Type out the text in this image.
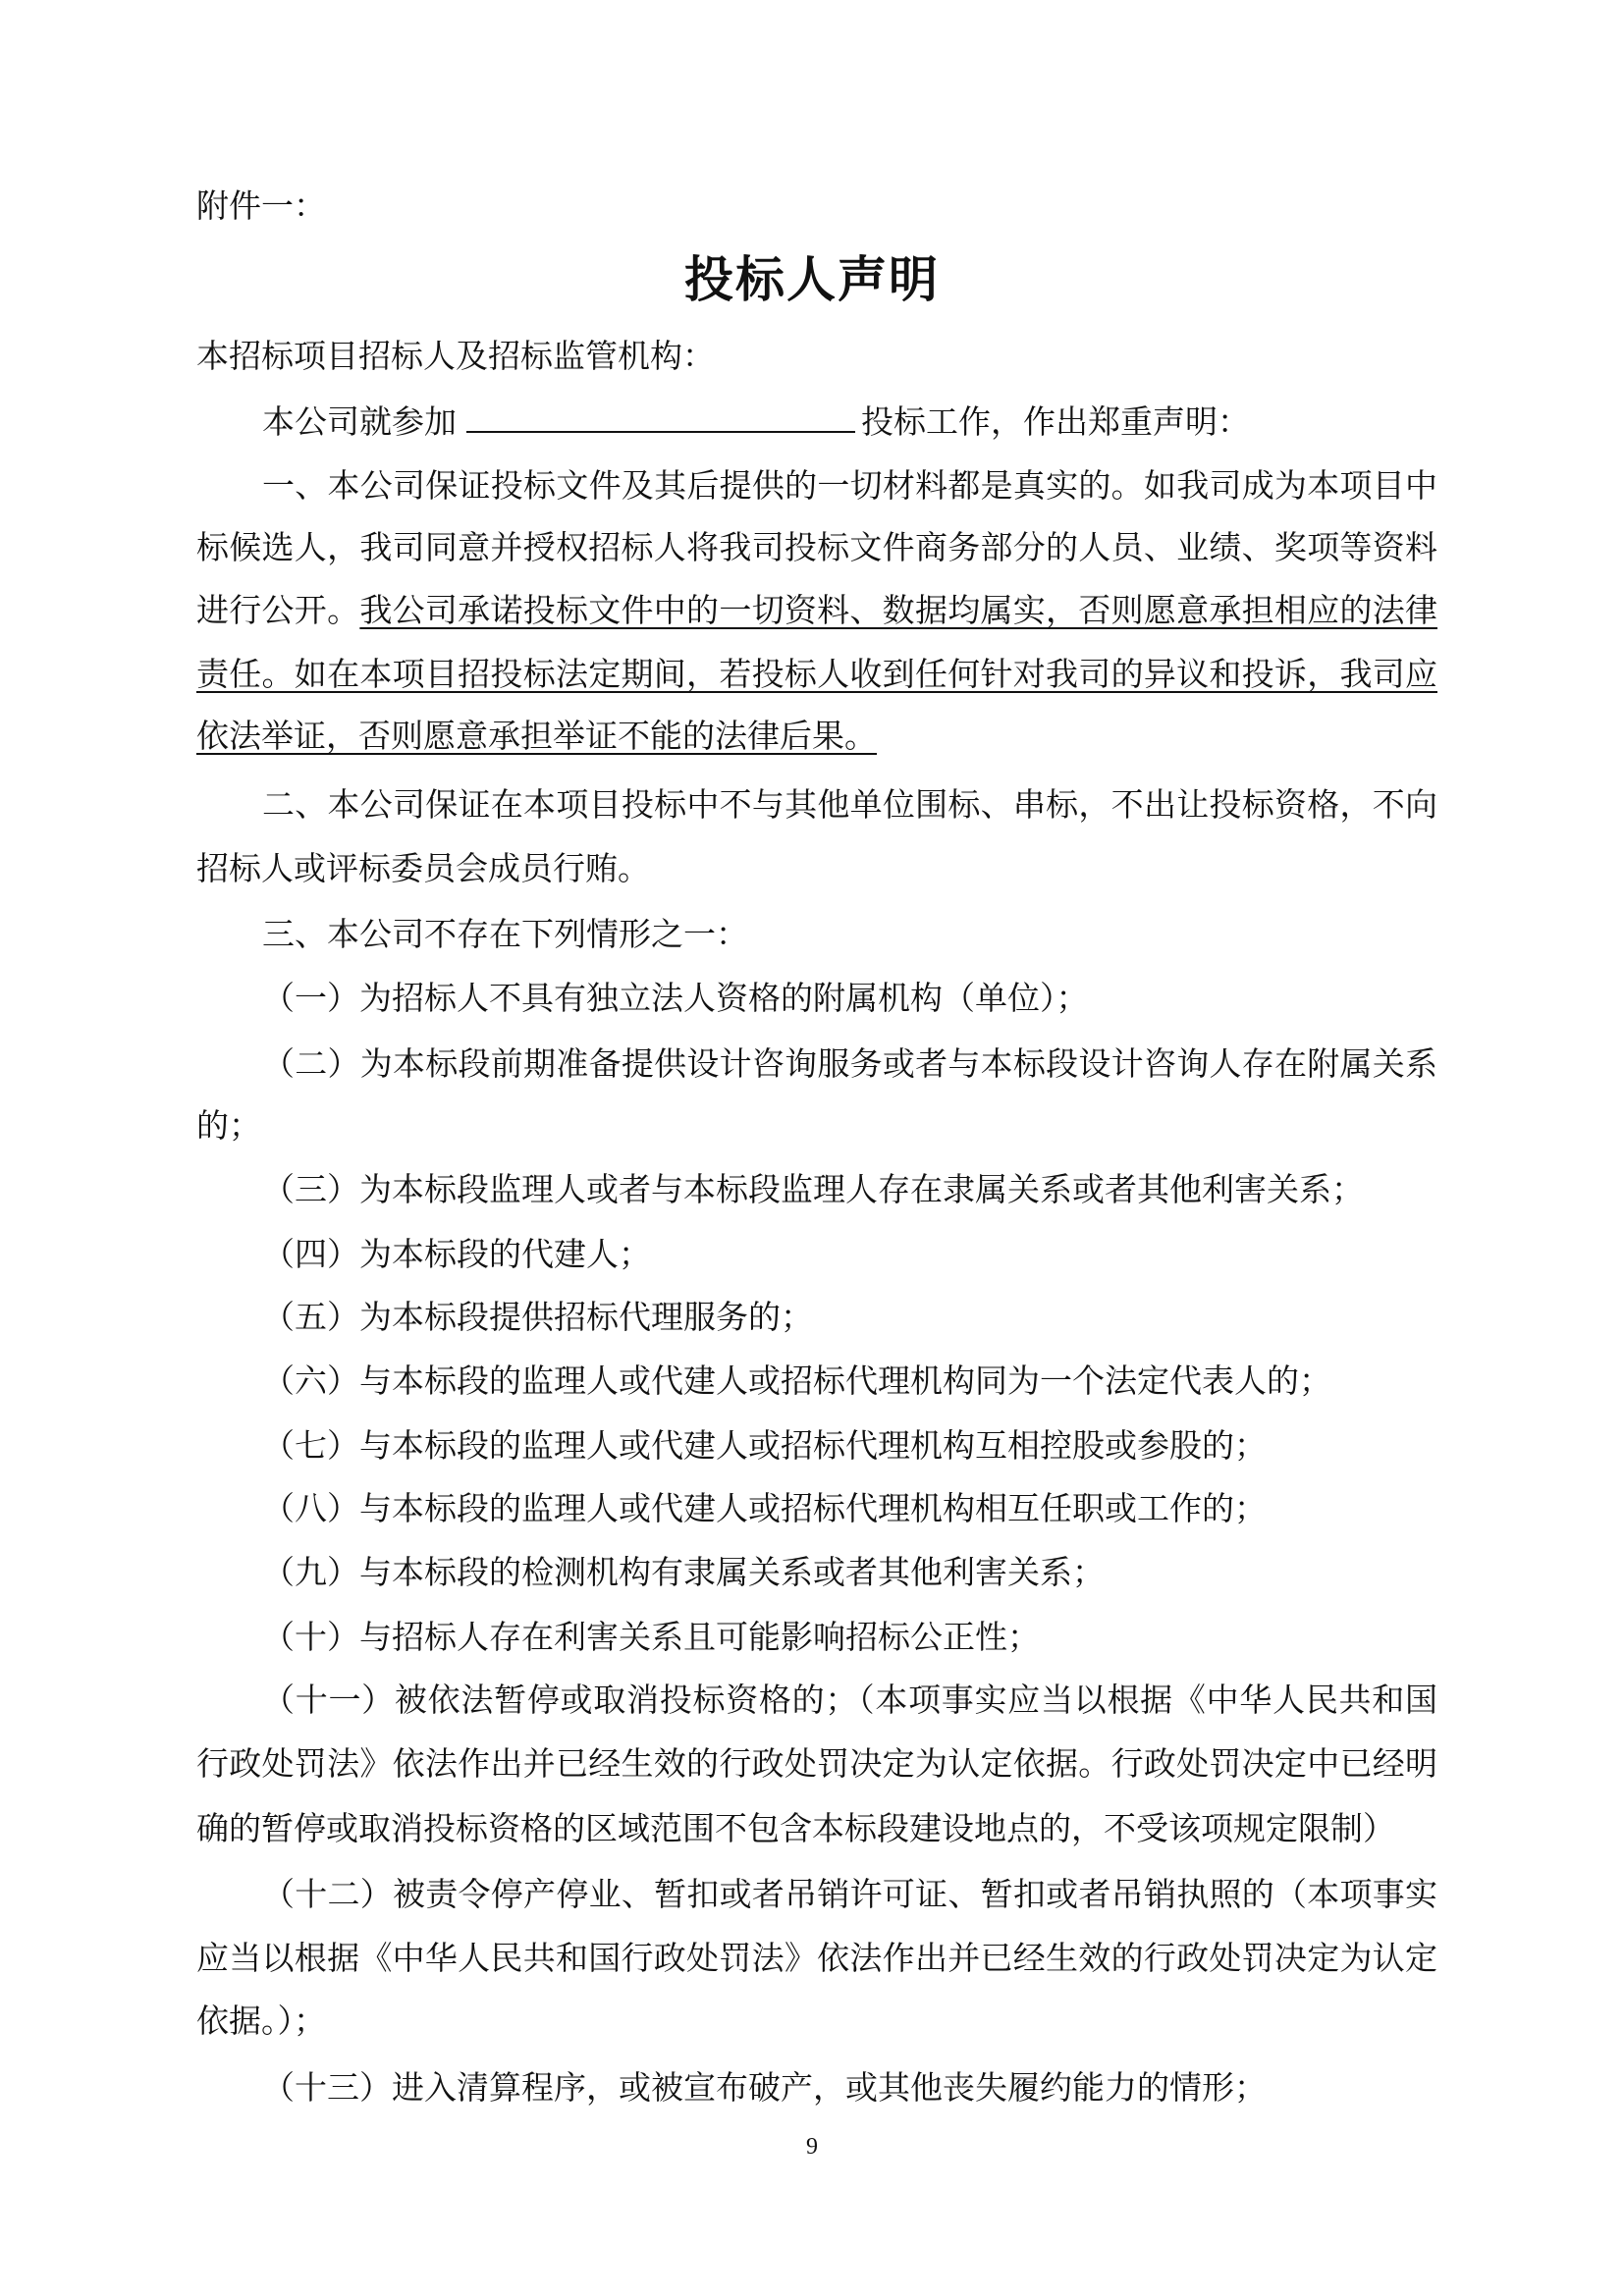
附件一：
投标人声明
本招标项目招标人及招标监管机构：
本公司就参加	投标工作，作出郑重声明：
一、本公司保证投标文件及其后提供的一切材料都是真实的。如我司成为本项目中
标候选人，我司同意并授权招标人将我司投标文件商务部分的人员、业绩、奖项等资料
进行公开。我公司承诺投标文件中的一切资料、数据均属实，否则愿意承担相应的法律
责任。如在本项目招投标法定期间，若投标人收到任何针对我司的异议和投诉，我司应
依法举证，否则愿意承担举证不能的法律后果。
二、本公司保证在本项目投标中不与其他单位围标、串标，不出让投标资格，不向
招标人或评标委员会成员行贿。
三、本公司不存在下列情形之一：
（一）为招标人不具有独立法人资格的附属机构（单位）；
（二）为本标段前期准备提供设计咨询服务或者与本标段设计咨询人存在附属关系
的；
（三）为本标段监理人或者与本标段监理人存在隶属关系或者其他利害关系；
（四）为本标段的代建人；
（五）为本标段提供招标代理服务的；
（六）与本标段的监理人或代建人或招标代理机构同为一个法定代表人的；
（七）与本标段的监理人或代建人或招标代理机构互相控股或参股的；
（八）与本标段的监理人或代建人或招标代理机构相互任职或工作的；
（九）与本标段的检测机构有隶属关系或者其他利害关系；
（十）与招标人存在利害关系且可能影响招标公正性；
（十一）被依法暂停或取消投标资格的；（本项事实应当以根据《中华人民共和国
行政处罚法》依法作出并已经生效的行政处罚决定为认定依据。行政处罚决定中已经明
确的暂停或取消投标资格的区域范围不包含本标段建设地点的，不受该项规定限制）
（十二）被责令停产停业、暂扣或者吊销许可证、暂扣或者吊销执照的（本项事实
应当以根据《中华人民共和国行政处罚法》依法作出并已经生效的行政处罚决定为认定
依据。）；
（十三）进入清算程序，或被宣布破产，或其他丧失履约能力的情形；
9
